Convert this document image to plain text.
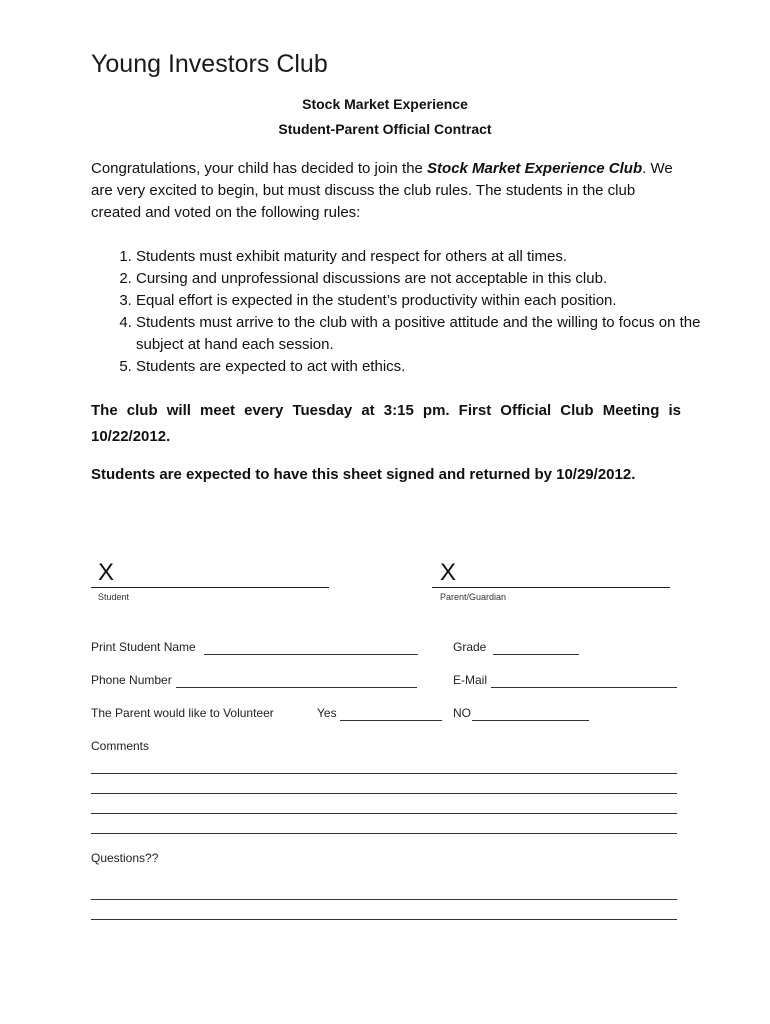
Young Investors Club
Stock Market Experience
Student-Parent Official Contract
Congratulations, your child has decided to join the Stock Market Experience Club. We are very excited to begin, but must discuss the club rules. The students in the club created and voted on the following rules:
1. Students must exhibit maturity and respect for others at all times.
2. Cursing and unprofessional discussions are not acceptable in this club.
3. Equal effort is expected in the student’s productivity within each position.
4. Students must arrive to the club with a positive attitude and the willing to focus on the subject at hand each session.
5. Students are expected to act with ethics.
The club will meet every Tuesday at 3:15 pm. First Official Club Meeting is 10/22/2012.
Students are expected to have this sheet signed and returned by 10/29/2012.
X
Student
X
Parent/Guardian
Print Student Name	Grade
Phone Number	E-Mail
The Parent would like to Volunteer	Yes	NO
Comments
Questions??
